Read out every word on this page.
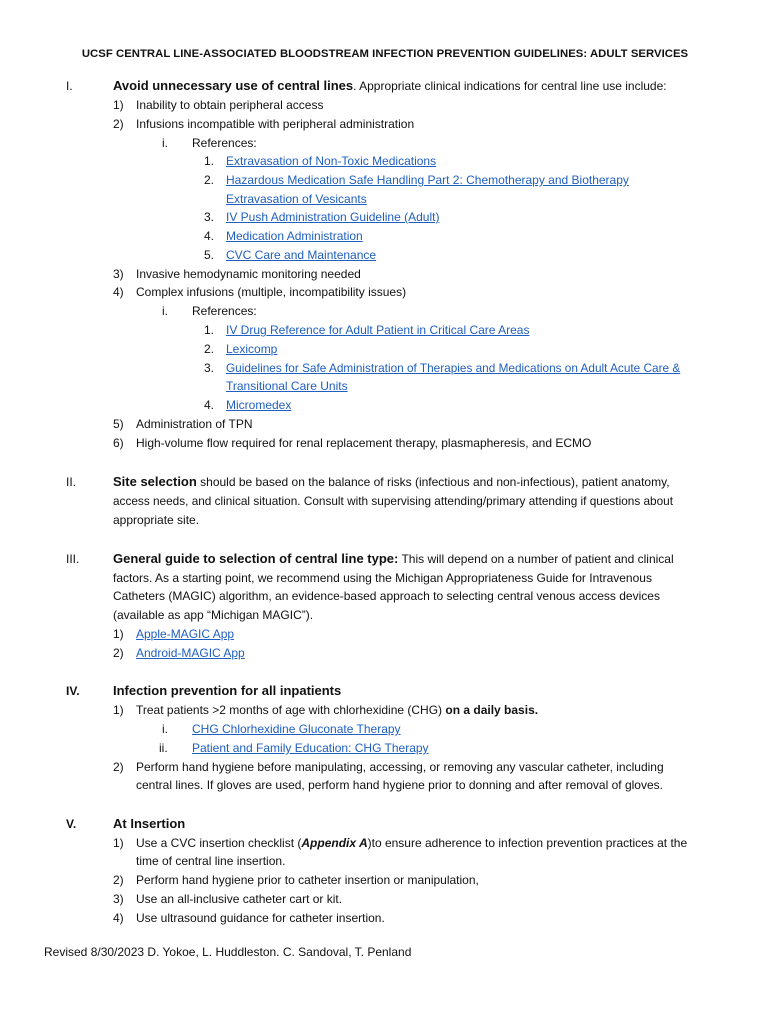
UCSF CENTRAL LINE-ASSOCIATED BLOODSTREAM INFECTION PREVENTION GUIDELINES: ADULT SERVICES
I.	Avoid unnecessary use of central lines. Appropriate clinical indications for central line use include:
1) Inability to obtain peripheral access
2) Infusions incompatible with peripheral administration
i. References:
1. Extravasation of Non-Toxic Medications
2. Hazardous Medication Safe Handling Part 2: Chemotherapy and Biotherapy
Extravasation of Vesicants
3. IV Push Administration Guideline (Adult)
4. Medication Administration
5. CVC Care and Maintenance
3) Invasive hemodynamic monitoring needed
4) Complex infusions (multiple, incompatibility issues)
i. References:
1. IV Drug Reference for Adult Patient in Critical Care Areas
2. Lexicomp
3. Guidelines for Safe Administration of Therapies and Medications on Adult Acute Care &
Transitional Care Units
4. Micromedex
5) Administration of TPN
6) High-volume flow required for renal replacement therapy, plasmapheresis, and ECMO
II.	Site selection should be based on the balance of risks (infectious and non-infectious), patient anatomy,
access needs, and clinical situation. Consult with supervising attending/primary attending if questions about
appropriate site.
III.	General guide to selection of central line type: This will depend on a number of patient and clinical
factors. As a starting point, we recommend using the Michigan Appropriateness Guide for Intravenous
Catheters (MAGIC) algorithm, an evidence-based approach to selecting central venous access devices
(available as app “Michigan MAGIC”).
1) Apple-MAGIC App
2) Android-MAGIC App
IV.	Infection prevention for all inpatients
1) Treat patients >2 months of age with chlorhexidine (CHG) on a daily basis.
i. CHG Chlorhexidine Gluconate Therapy
ii. Patient and Family Education: CHG Therapy
2) Perform hand hygiene before manipulating, accessing, or removing any vascular catheter, including
central lines. If gloves are used, perform hand hygiene prior to donning and after removal of gloves.
V.	At Insertion
1) Use a CVC insertion checklist (Appendix A)to ensure adherence to infection prevention practices at the
time of central line insertion.
2) Perform hand hygiene prior to catheter insertion or manipulation,
3) Use an all-inclusive catheter cart or kit.
4) Use ultrasound guidance for catheter insertion.
Revised 8/30/2023 D. Yokoe, L. Huddleston. C. Sandoval, T. Penland
